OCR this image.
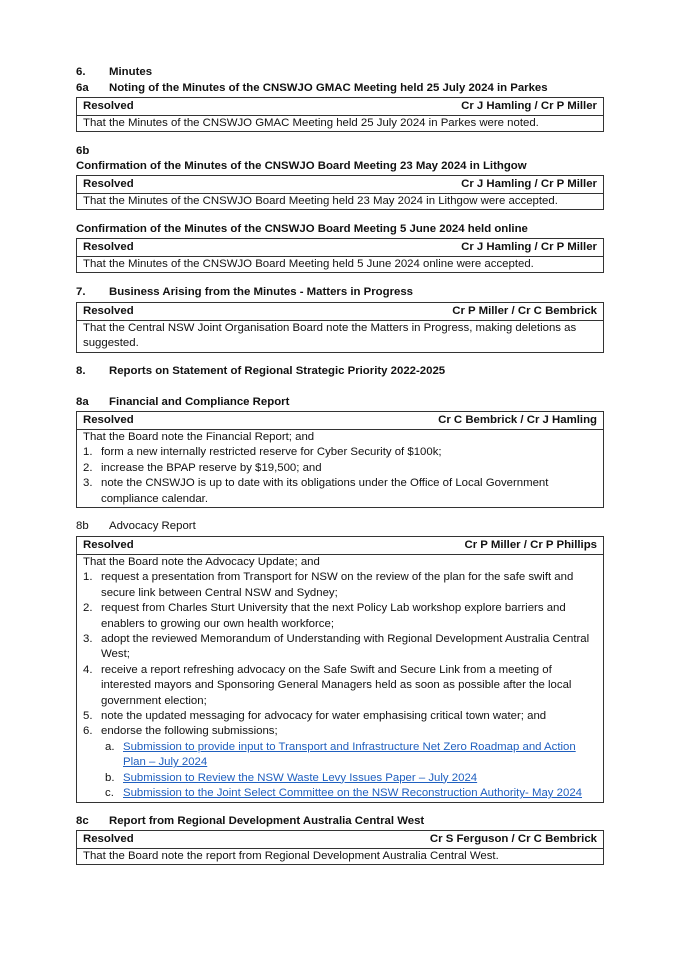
6. Minutes
6a Noting of the Minutes of the CNSWJO GMAC Meeting held 25 July 2024 in Parkes
Resolved	Cr J Hamling / Cr P Miller

That the Minutes of the CNSWJO GMAC Meeting held 25 July 2024 in Parkes were noted.

6b
Confirmation of the Minutes of the CNSWJO Board Meeting 23 May 2024 in Lithgow
Resolved	Cr J Hamling / Cr P Miller

That the Minutes of the CNSWJO Board Meeting held 23 May 2024 in Lithgow were accepted.

Confirmation of the Minutes of the CNSWJO Board Meeting 5 June 2024 held online
Resolved	Cr J Hamling / Cr P Miller

That the Minutes of the CNSWJO Board Meeting held 5 June 2024 online were accepted.

7. Business Arising from the Minutes - Matters in Progress
Resolved	Cr P Miller / Cr C Bembrick

That the Central NSW Joint Organisation Board note the Matters in Progress, making deletions as suggested.

8. Reports on Statement of Regional Strategic Priority 2022-2025
8a Financial and Compliance Report
Resolved	Cr C Bembrick / Cr J Hamling

That the Board note the Financial Report; and

1. form a new internally restricted reserve for Cyber Security of $100k;
2. increase the BPAP reserve by $19,500; and
3. note the CNSWJO is up to date with its obligations under the Office of Local Government compliance calendar.
8b Advocacy Report
Resolved	Cr P Miller / Cr P Phillips

That the Board note the Advocacy Update; and

1. request a presentation from Transport for NSW on the review of the plan for the safe swift and secure link between Central NSW and Sydney;
2. request from Charles Sturt University that the next Policy Lab workshop explore barriers and enablers to growing our own health workforce;
3. adopt the reviewed Memorandum of Understanding with Regional Development Australia Central West;
4. receive a report refreshing advocacy on the Safe Swift and Secure Link from a meeting of interested mayors and Sponsoring General Managers held as soon as possible after the local government election;
5. note the updated messaging for advocacy for water emphasising critical town water; and
6. endorse the following submissions;
a. Submission to provide input to Transport and Infrastructure Net Zero Roadmap and Action Plan – July 2024
b. Submission to Review the NSW Waste Levy Issues Paper – July 2024
c. Submission to the Joint Select Committee on the NSW Reconstruction Authority- May 2024
8c Report from Regional Development Australia Central West
Resolved	Cr S Ferguson / Cr C Bembrick

That the Board note the report from Regional Development Australia Central West.
